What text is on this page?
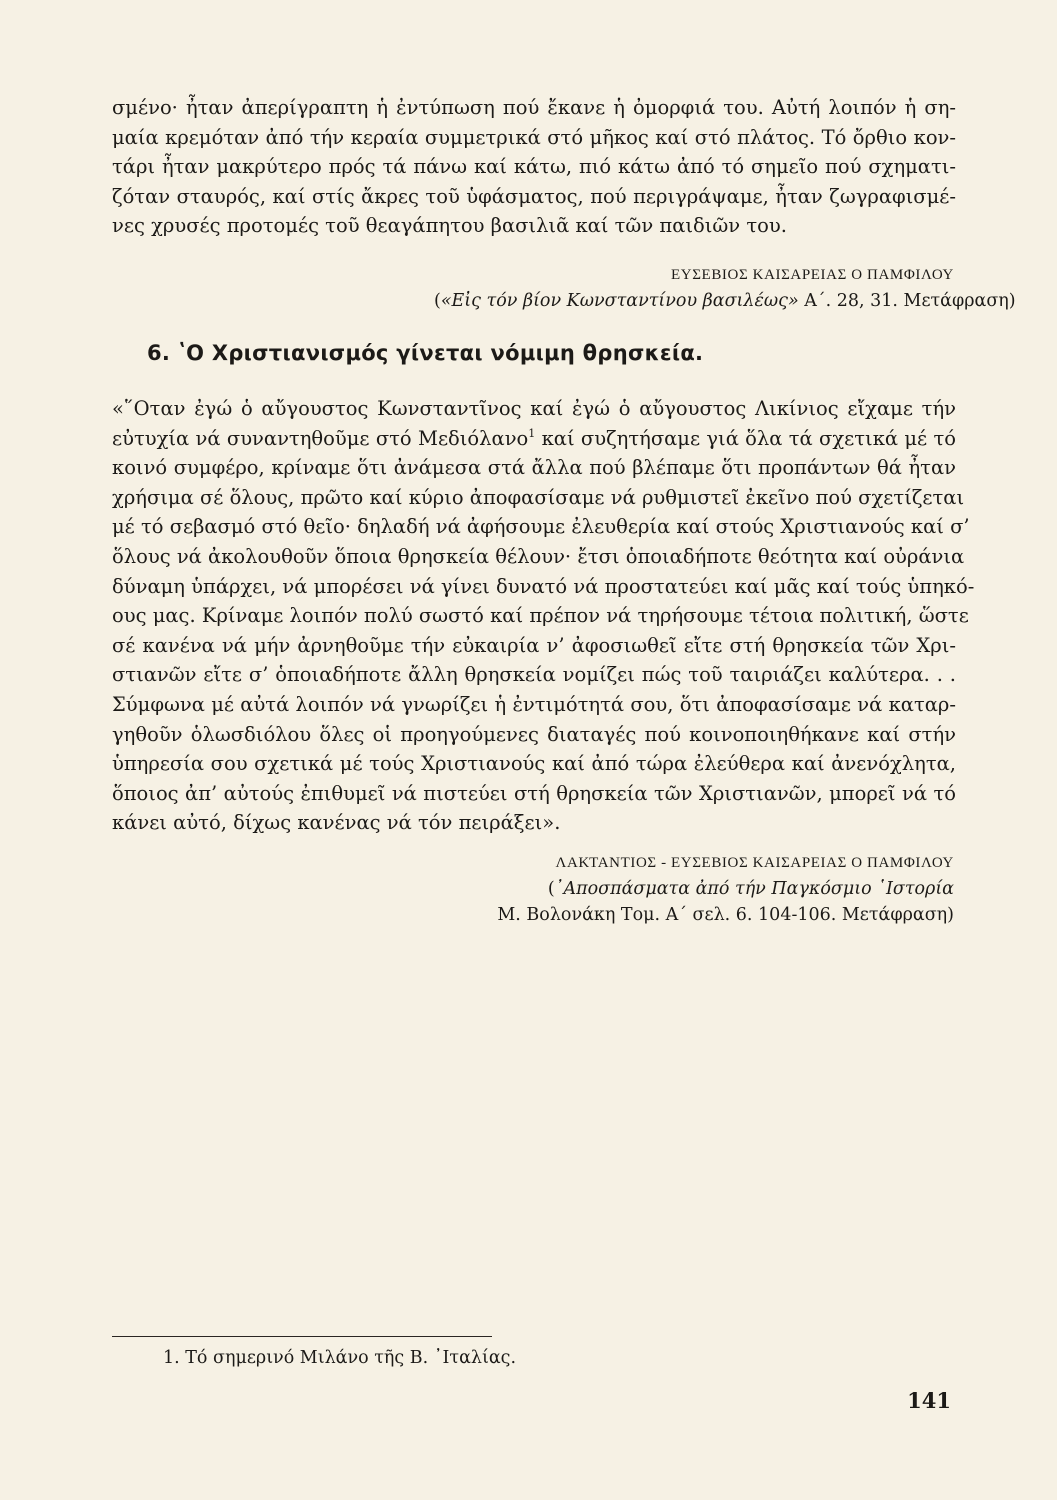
σμένο· ἦταν ἀπερίγραπτη ἡ ἐντύπωση πού ἔκανε ἡ ὀμορφιά του. Αὐτή λοιπόν ἡ ση-
μαία κρεμόταν ἀπό τήν κεραία συμμετρικά στό μῆκος καί στό πλάτος. Τό ὄρθιο κον-
τάρι ἦταν μακρύτερο πρός τά πάνω καί κάτω, πιό κάτω ἀπό τό σημεῖο πού σχηματι-
ζόταν σταυρός, καί στίς ἄκρες τοῦ ὑφάσματος, πού περιγράψαμε, ἦταν ζωγραφισμέ-
νες χρυσές προτομές τοῦ θεαγάπητου βασιλιᾶ καί τῶν παιδιῶν του.
ΕΥΣΕΒΙΟΣ ΚΑΙΣΑΡΕΙΑΣ Ο ΠΑΜΦΙΛΟΥ
(«Εἰς τόν βίον Κωνσταντίνου βασιλέως» Α΄. 28, 31. Μετάφραση)
6. ʽΟ Χριστιανισμός γίνεται νόμιμη θρησκεία.
«῞Οταν ἐγώ ὁ αὔγουστος Κωνσταντῖνος καί ἐγώ ὁ αὔγουστος Λικίνιος εἴχαμε τήν
εὐτυχία νά συναντηθοῦμε στό Μεδιόλανο$^1$ καί συζητήσαμε γιά ὅλα τά σχετικά μέ τό
κοινό συμφέρο, κρίναμε ὅτι ἀνάμεσα στά ἄλλα πού βλέπαμε ὅτι προπάντων θά ἦταν
χρήσιμα σέ ὅλους, πρῶτο καί κύριο ἀποφασίσαμε νά ρυθμιστεῖ ἐκεῖνο πού σχετίζεται
μέ τό σεβασμό στό θεῖο· δηλαδή νά ἀφήσουμε ἐλευθερία καί στούς Χριστιανούς καί σ’
ὅλους νά ἀκολουθοῦν ὅποια θρησκεία θέλουν· ἔτσι ὁποιαδήποτε θεότητα καί οὐράνια
δύναμη ὑπάρχει, νά μπορέσει νά γίνει δυνατό νά προστατεύει καί μᾶς καί τούς ὑπηκό-
ους μας. Κρίναμε λοιπόν πολύ σωστό καί πρέπον νά τηρήσουμε τέτοια πολιτική, ὥστε
σέ κανένα νά μήν ἀρνηθοῦμε τήν εὐκαιρία ν’ ἀφοσιωθεῖ εἴτε στή θρησκεία τῶν Χρι-
στιανῶν εἴτε σ’ ὁποιαδήποτε ἄλλη θρησκεία νομίζει πώς τοῦ ταιριάζει καλύτερα. . .
Σύμφωνα μέ αὐτά λοιπόν νά γνωρίζει ἡ ἐντιμότητά σου, ὅτι ἀποφασίσαμε νά καταρ-
γηθοῦν ὁλωσδιόλου ὅλες οἱ προηγούμενες διαταγές πού κοινοποιηθήκανε καί στήν
ὑπηρεσία σου σχετικά μέ τούς Χριστιανούς καί ἀπό τώρα ἐλεύθερα καί ἀνενόχλητα,
ὅποιος ἀπ’ αὐτούς ἐπιθυμεῖ νά πιστεύει στή θρησκεία τῶν Χριστιανῶν, μπορεῖ νά τό
κάνει αὐτό, δίχως κανένας νά τόν πειράξει».
ΛΑΚΤΑΝΤΙΟΣ - ΕΥΣΕΒΙΟΣ ΚΑΙΣΑΡΕΙΑΣ Ο ΠΑΜΦΙΛΟΥ
(᾽Αποσπάσματα ἀπό τήν Παγκόσμιο ῾Ιστορία
Μ. Βολονάκη Τομ. Α΄ σελ. 6. 104-106. Μετάφραση)
1. Τό σημερινό Μιλάνο τῆς Β. ᾽Ιταλίας.
141
